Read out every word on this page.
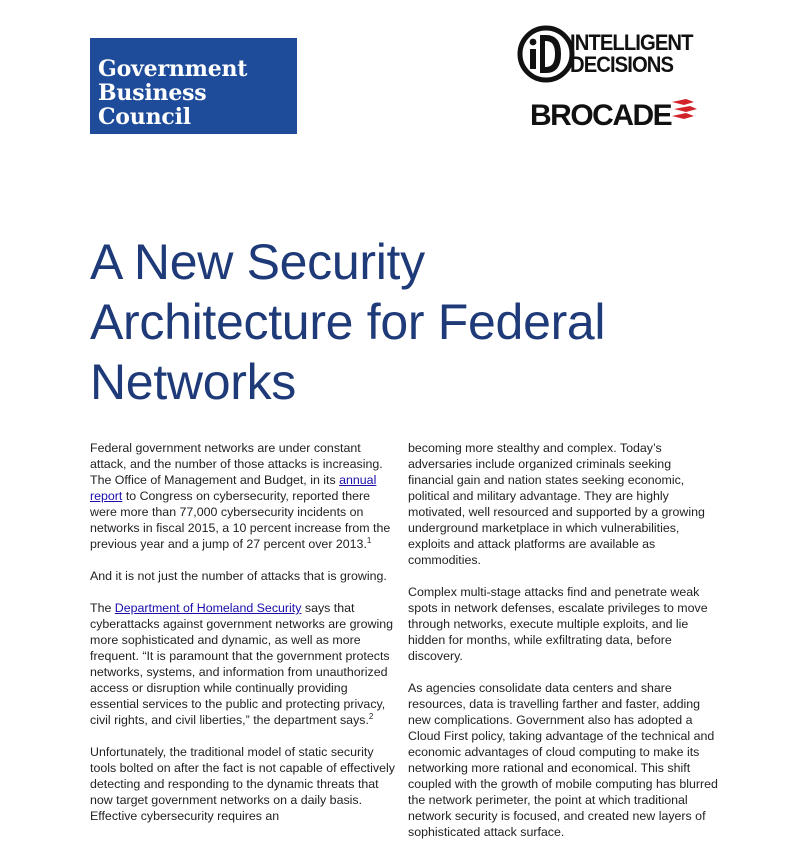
Government
Business
Council
INTELLIGENT
DECISIONS
BROCADE
A New Security
Architecture for Federal
Networks

Federal government networks are under constant attack, and the number of those attacks is increasing. The Office of Management and Budget, in its annual report to Congress on cybersecurity, reported there were more than 77,000 cybersecurity incidents on networks in fiscal 2015, a 10 percent increase from the previous year and a jump of 27 percent over 2013.$^1$

And it is not just the number of attacks that is growing.

The Department of Homeland Security says that cyberattacks against government networks are growing more sophisticated and dynamic, as well as more frequent. “It is paramount that the government protects networks, systems, and information from unauthorized access or disruption while continually providing essential services to the public and protecting privacy, civil rights, and civil liberties,” the department says.$^2$

Unfortunately, the traditional model of static security tools bolted on after the fact is not capable of effectively detecting and responding to the dynamic threats that now target government networks on a daily basis. Effective cybersecurity requires an

becoming more stealthy and complex. Today’s adversaries include organized criminals seeking financial gain and nation states seeking economic, political and military advantage. They are highly motivated, well resourced and supported by a growing underground marketplace in which vulnerabilities, exploits and attack platforms are available as commodities.

Complex multi-stage attacks find and penetrate weak spots in network defenses, escalate privileges to move through networks, execute multiple exploits, and lie hidden for months, while exfiltrating data, before discovery.

As agencies consolidate data centers and share resources, data is travelling farther and faster, adding new complications. Government also has adopted a Cloud First policy, taking advantage of the technical and economic advantages of cloud computing to make its networking more rational and economical. This shift coupled with the growth of mobile computing has blurred the network perimeter, the point at which traditional network security is focused, and created new layers of sophisticated attack surface.
